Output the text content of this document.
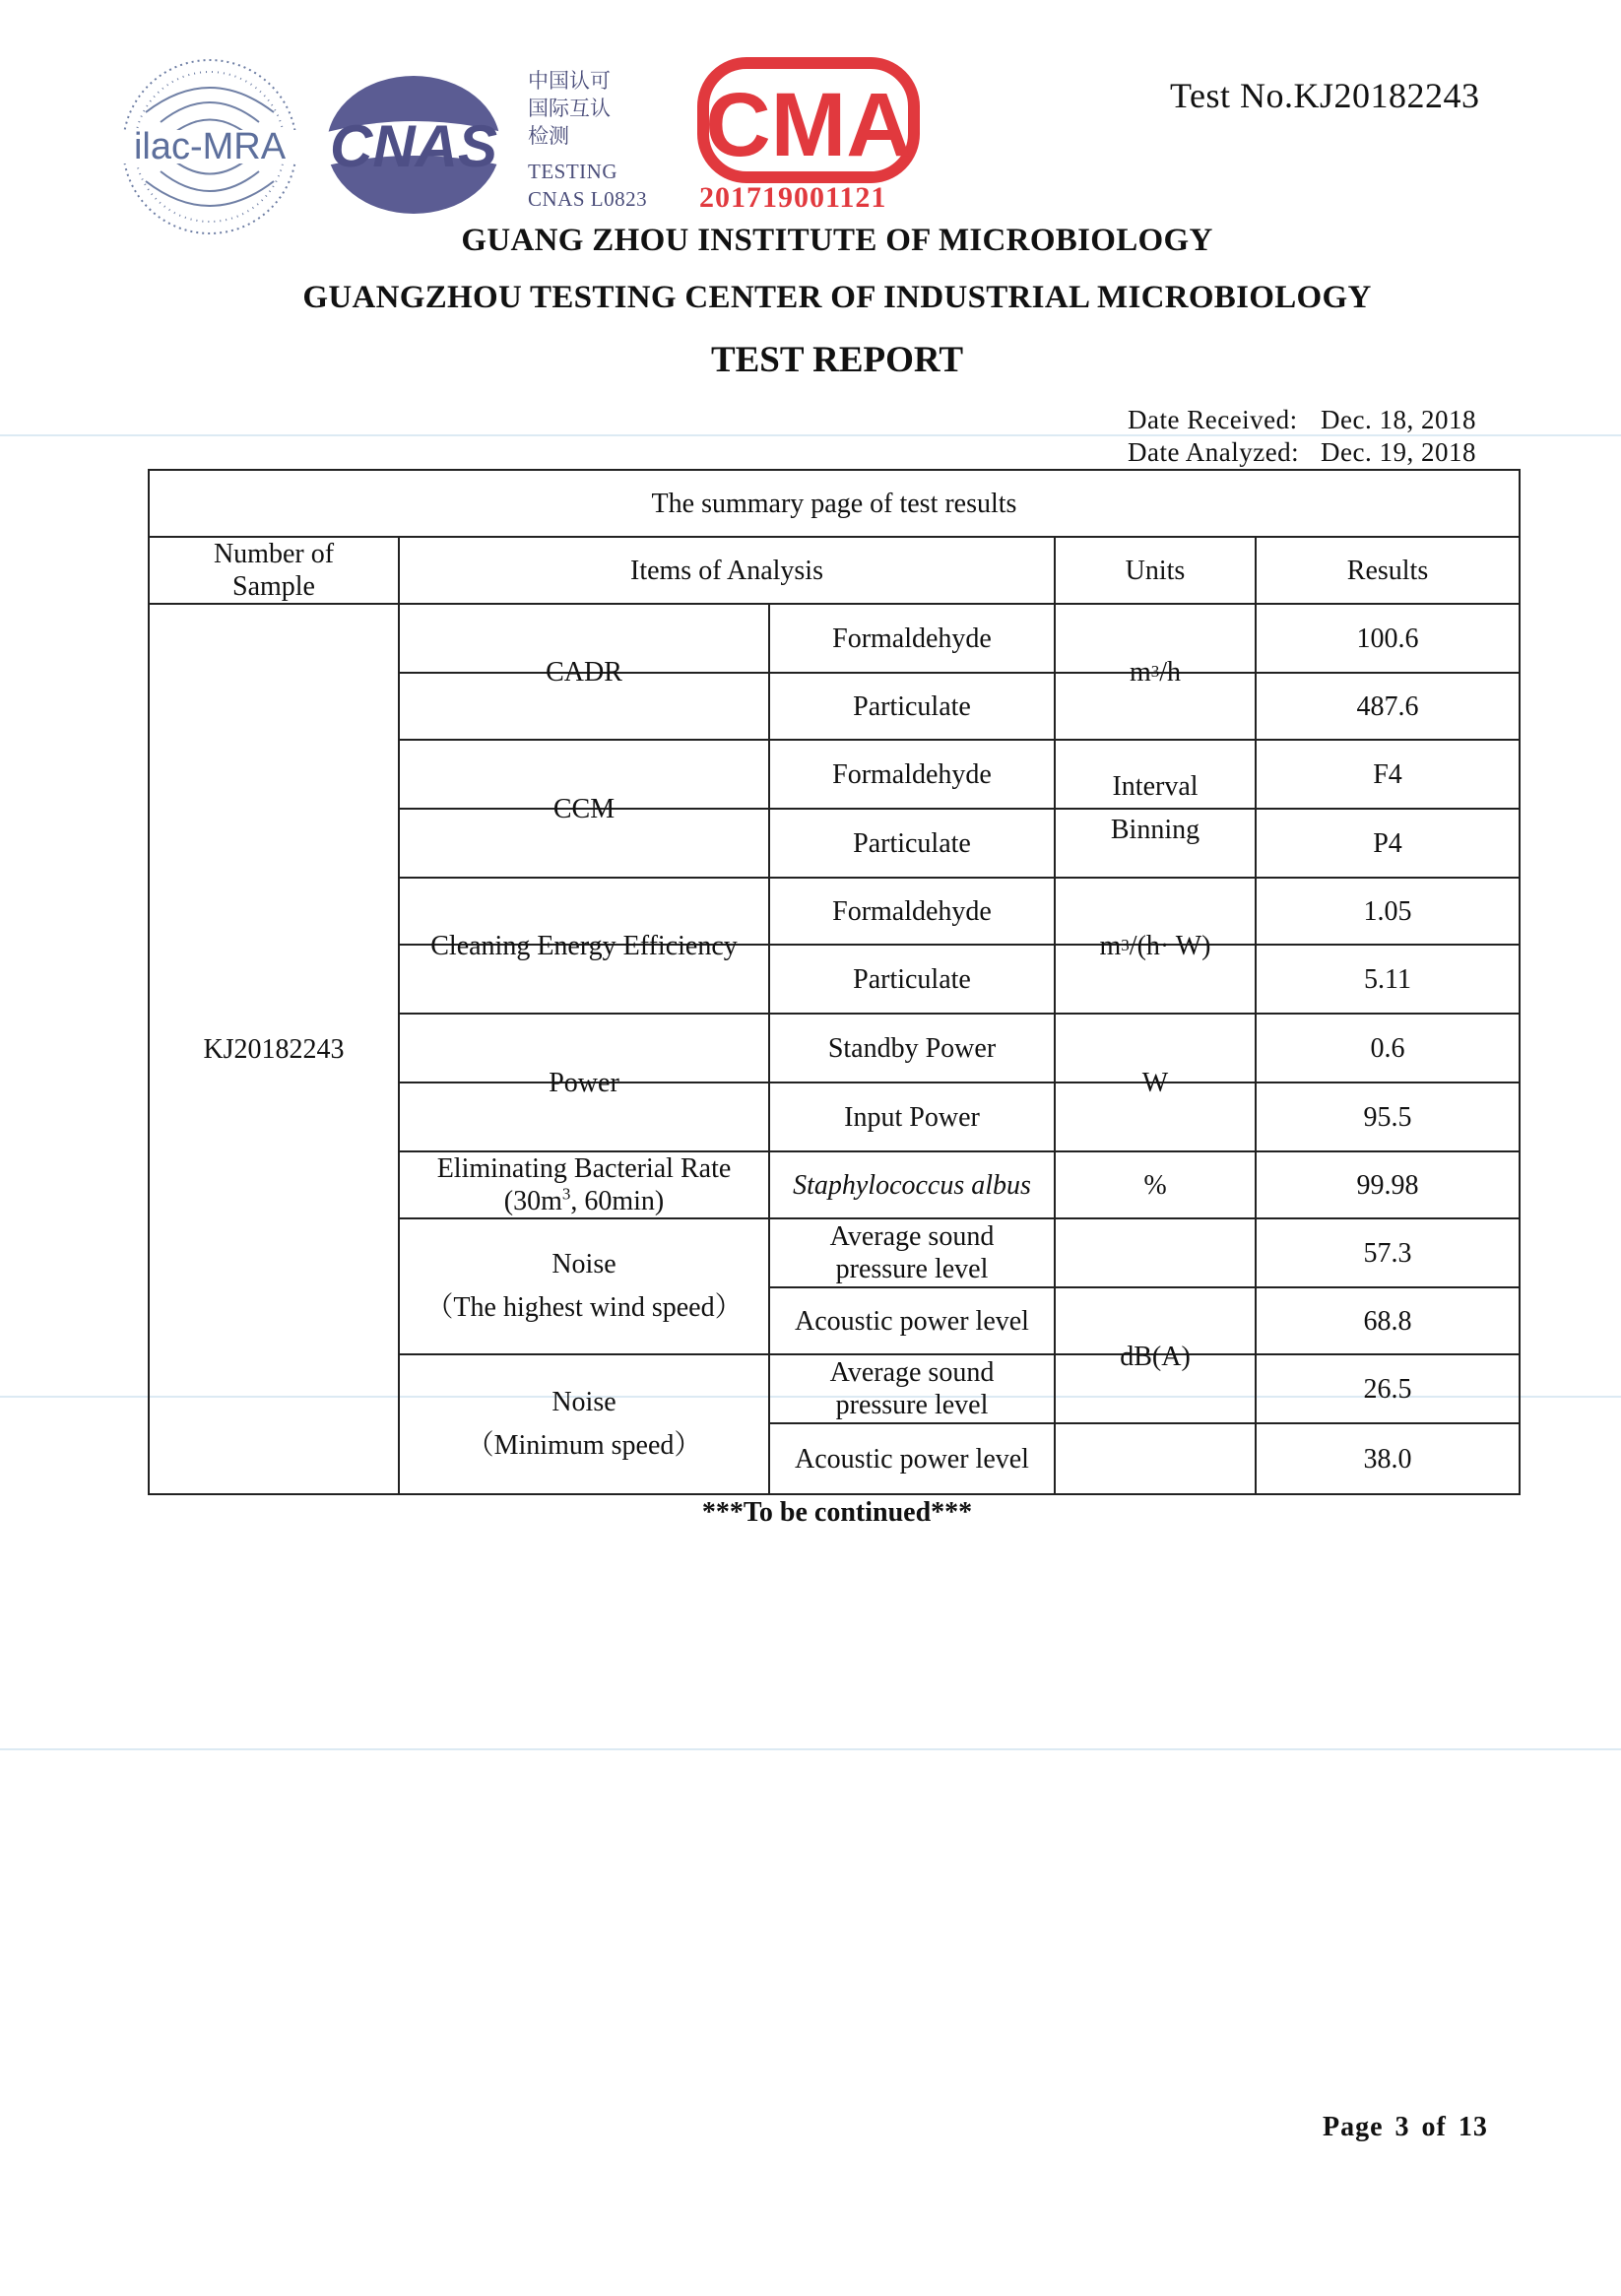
ilac-MRA CNAS
中国认可
国际互认
检测
TESTING
CNAS L0823
CMA
201719001121
Test No.KJ20182243
GUANG ZHOU INSTITUTE OF MICROBIOLOGY
GUANGZHOU TESTING CENTER OF INDUSTRIAL MICROBIOLOGY
TEST REPORT
Date Received: Dec. 18, 2018
Date Analyzed: Dec. 19, 2018
The summary page of test results
Number of Sample
Items of Analysis	Units	Results
KJ20182243
CADR
CCM
Cleaning Energy Efficiency
Power
Eliminating Bacterial Rate
($30m^3$, 60min)
Noise
（The highest wind speed）
Noise
（Minimum speed）
Formaldehyde
Particulate
Formaldehyde
Particulate
Formaldehyde
Particulate
Standby Power
Input Power
Staphylococcus albus
Average sound pressure level
Acoustic power level
Average sound pressure level
Acoustic power level
m 3 /h
Interval
Binning
m 3 /(h· W)
W
%
dB(A)
100.6
487.6
F4
P4
1.05
5.11
0.6
95.5
99.98
57.3
68.8
26.5
38.0
***To be continued***
Page 3 of 13
